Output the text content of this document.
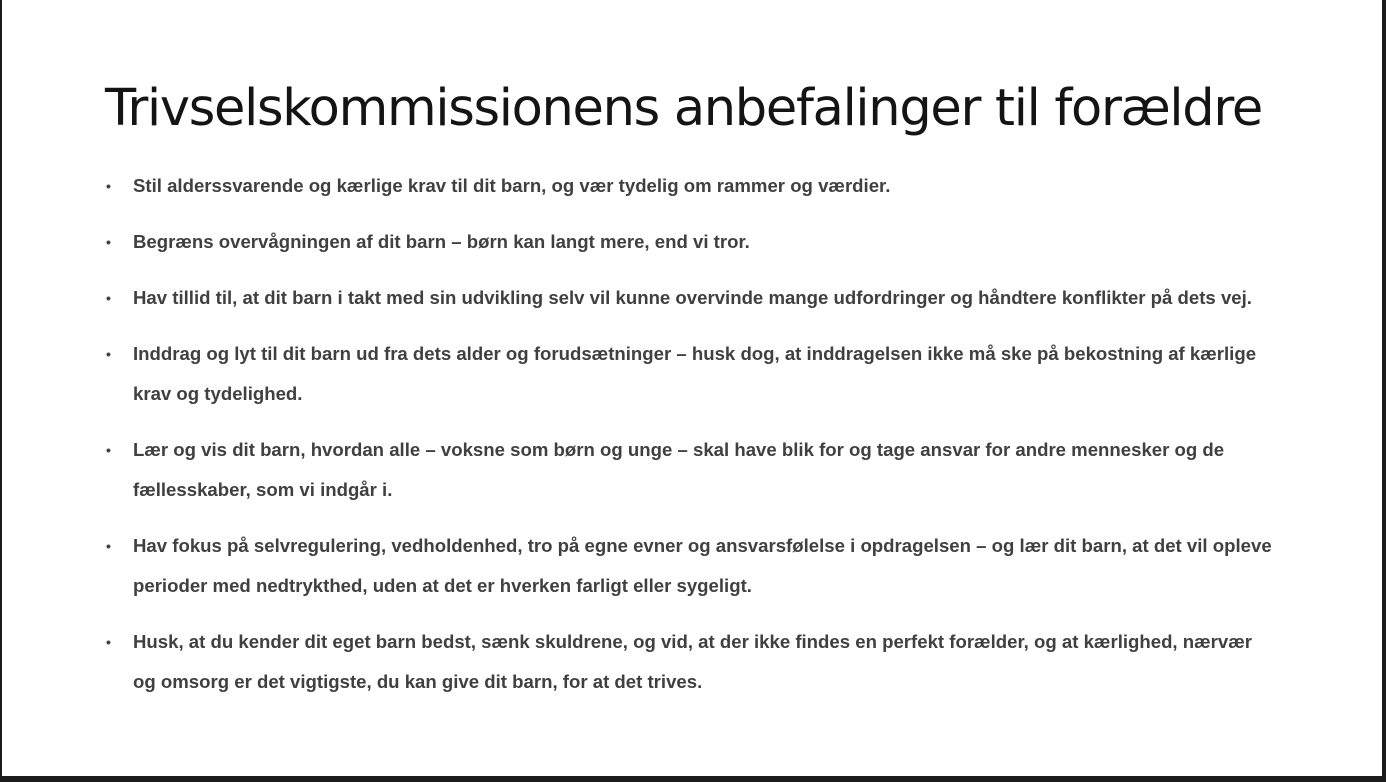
Trivselskommissionens anbefalinger til forældre
• Stil alderssvarende og kærlige krav til dit barn, og vær tydelig om rammer og værdier.
• Begræns overvågningen af dit barn – børn kan langt mere, end vi tror.
• Hav tillid til, at dit barn i takt med sin udvikling selv vil kunne overvinde mange udfordringer og håndtere konflikter på dets vej.
• Inddrag og lyt til dit barn ud fra dets alder og forudsætninger – husk dog, at inddragelsen ikke må ske på bekostning af kærlige krav og tydelighed.
• Lær og vis dit barn, hvordan alle – voksne som børn og unge – skal have blik for og tage ansvar for andre mennesker og de fællesskaber, som vi indgår i.
• Hav fokus på selvregulering, vedholdenhed, tro på egne evner og ansvarsfølelse i opdragelsen – og lær dit barn, at det vil opleve perioder med nedtrykthed, uden at det er hverken farligt eller sygeligt.
• Husk, at du kender dit eget barn bedst, sænk skuldrene, og vid, at der ikke findes en perfekt forælder, og at kærlighed, nærvær og omsorg er det vigtigste, du kan give dit barn, for at det trives.
